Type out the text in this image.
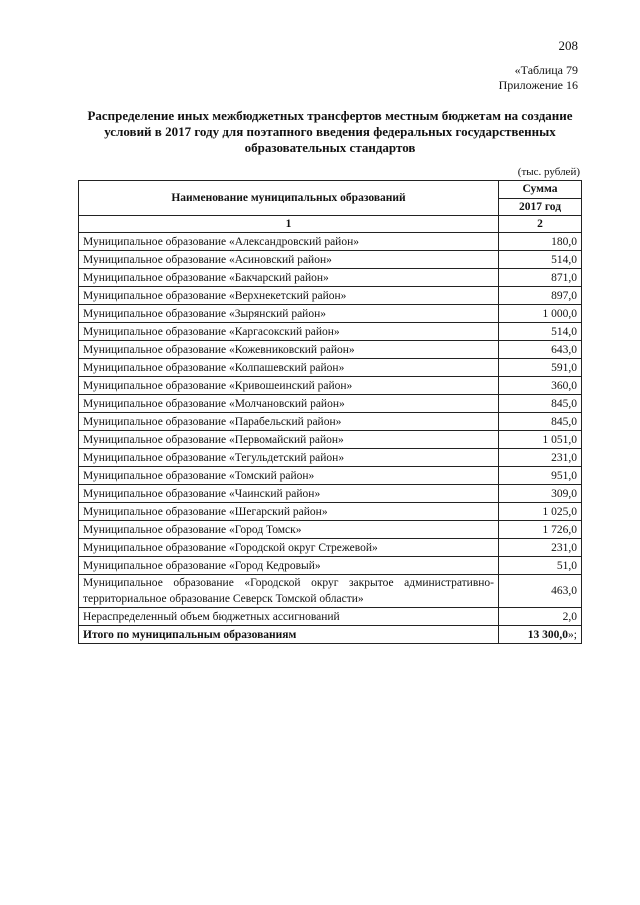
208
«Таблица 79
Приложение 16
Распределение иных межбюджетных трансфертов местным бюджетам на создание условий в 2017 году для поэтапного введения федеральных государственных образовательных стандартов
(тыс. рублей)
Наименование муниципальных образований	Сумма
	2017 год
1	2
Муниципальное образование «Александровский район»	180,0
Муниципальное образование «Асиновский район»	514,0
Муниципальное образование «Бакчарский район»	871,0
Муниципальное образование «Верхнекетский район»	897,0
Муниципальное образование «Зырянский район»	1 000,0
Муниципальное образование «Каргасокский район»	514,0
Муниципальное образование «Кожевниковский район»	643,0
Муниципальное образование «Колпашевский район»	591,0
Муниципальное образование «Кривошеинский район»	360,0
Муниципальное образование «Молчановский район»	845,0
Муниципальное образование «Парабельский район»	845,0
Муниципальное образование «Первомайский район»	1 051,0
Муниципальное образование «Тегульдетский район»	231,0
Муниципальное образование «Томский район»	951,0
Муниципальное образование «Чаинский район»	309,0
Муниципальное образование «Шегарский район»	1 025,0
Муниципальное образование «Город Томск»	1 726,0
Муниципальное образование «Городской округ Стрежевой»	231,0
Муниципальное образование «Город Кедровый»	51,0
Муниципальное образование «Городской округ закрытое административно-территориальное образование Северск Томской области»	463,0
Нераспределенный объем бюджетных ассигнований	2,0
Итого по муниципальным образованиям	13 300,0»;
